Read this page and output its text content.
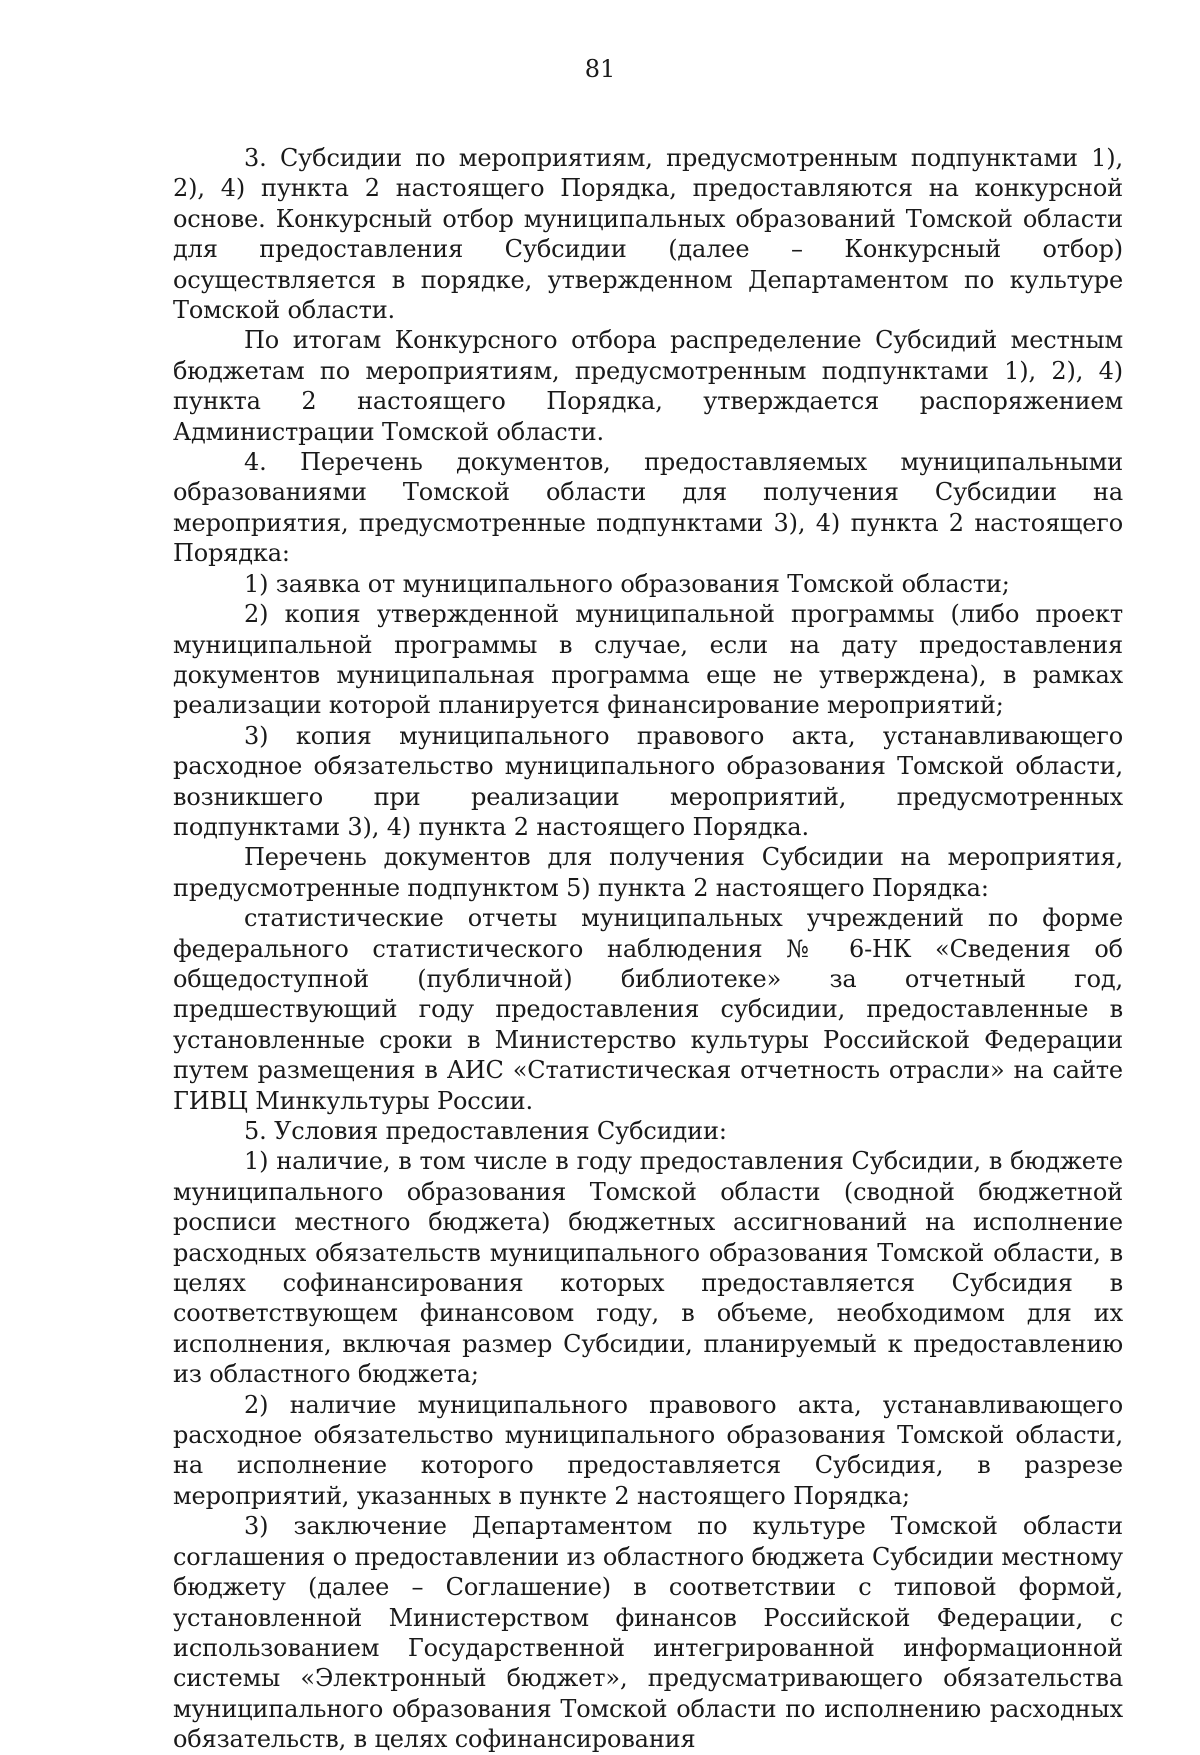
81

3. Субсидии по мероприятиям, предусмотренным подпунктами 1), 2), 4) пункта 2 настоящего Порядка, предоставляются на конкурсной основе. Конкурсный отбор муниципальных образований Томской области для предоставления Субсидии (далее – Конкурсный отбор) осуществляется в порядке, утвержденном Департаментом по культуре Томской области.

По итогам Конкурсного отбора распределение Субсидий местным бюджетам по мероприятиям, предусмотренным подпунктами 1), 2), 4) пункта 2 настоящего Порядка, утверждается распоряжением Администрации Томской области.

4. Перечень документов, предоставляемых муниципальными образованиями Томской области для получения Субсидии на мероприятия, предусмотренные подпунктами 3), 4) пункта 2 настоящего Порядка:

1) заявка от муниципального образования Томской области;

2) копия утвержденной муниципальной программы (либо проект муниципальной программы в случае, если на дату предоставления документов муниципальная программа еще не утверждена), в рамках реализации которой планируется финансирование мероприятий;

3) копия муниципального правового акта, устанавливающего расходное обязательство муниципального образования Томской области, возникшего при реализации мероприятий, предусмотренных подпунктами 3), 4) пункта 2 настоящего Порядка.

Перечень документов для получения Субсидии на мероприятия, предусмотренные подпунктом 5) пункта 2 настоящего Порядка:

статистические отчеты муниципальных учреждений по форме федерального статистического наблюдения № 6-НК «Сведения об общедоступной (публичной) библиотеке» за отчетный год, предшествующий году предоставления субсидии, предоставленные в установленные сроки в Министерство культуры Российской Федерации путем размещения в АИС «Статистическая отчетность отрасли» на сайте ГИВЦ Минкультуры России.

5. Условия предоставления Субсидии:

1) наличие, в том числе в году предоставления Субсидии, в бюджете муниципального образования Томской области (сводной бюджетной росписи местного бюджета) бюджетных ассигнований на исполнение расходных обязательств муниципального образования Томской области, в целях софинансирования которых предоставляется Субсидия в соответствующем финансовом году, в объеме, необходимом для их исполнения, включая размер Субсидии, планируемый к предоставлению из областного бюджета;

2) наличие муниципального правового акта, устанавливающего расходное обязательство муниципального образования Томской области, на исполнение которого предоставляется Субсидия, в разрезе мероприятий, указанных в пункте 2 настоящего Порядка;

3) заключение Департаментом по культуре Томской области соглашения о предоставлении из областного бюджета Субсидии местному бюджету (далее – Соглашение) в соответствии с типовой формой, установленной Министерством финансов Российской Федерации, с использованием Государственной интегрированной информационной системы «Электронный бюджет», предусматривающего обязательства муниципального образования Томской области по исполнению расходных обязательств, в целях софинансирования
